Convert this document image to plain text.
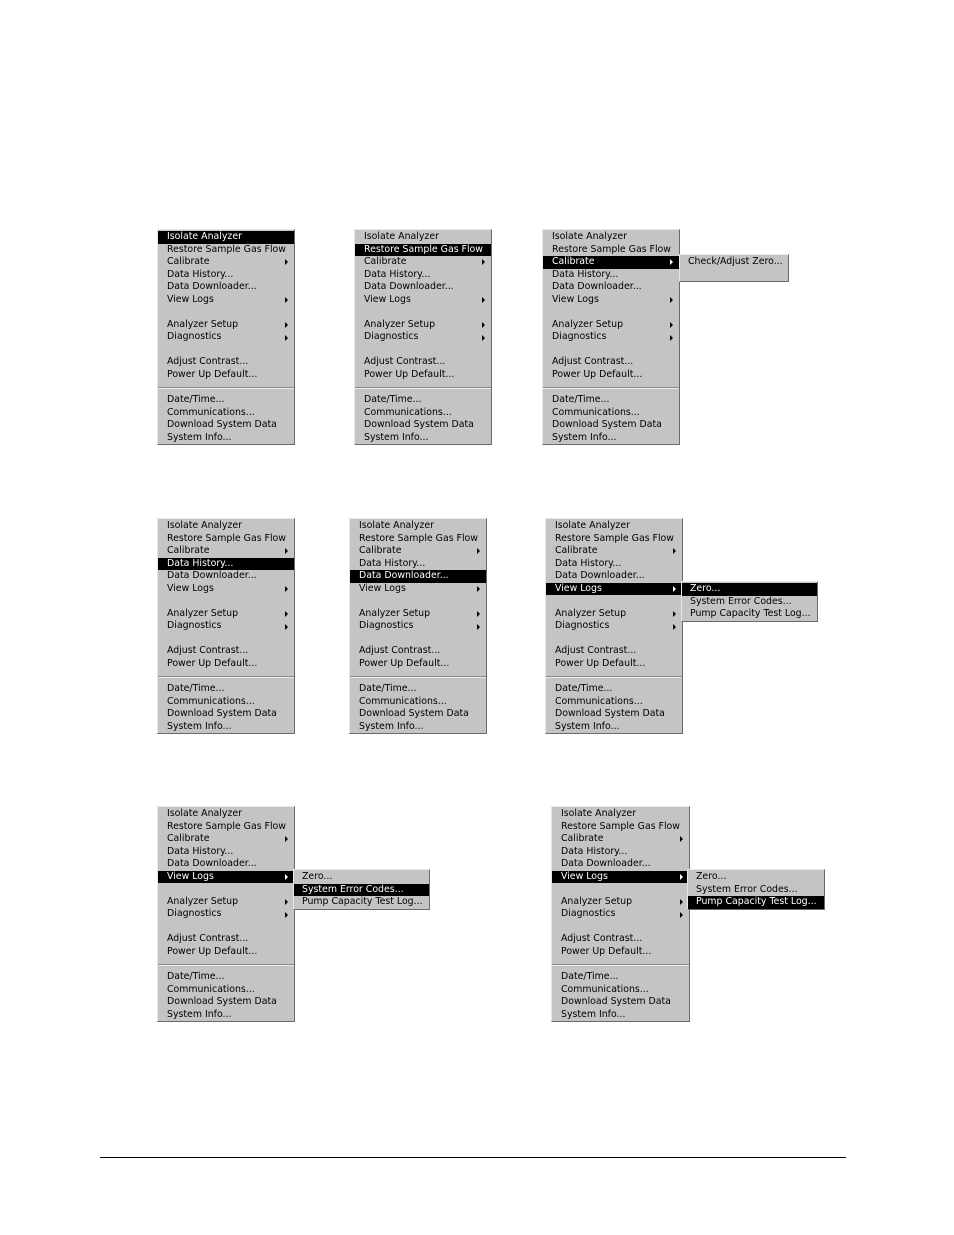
Isolate Analyzer
Restore Sample Gas Flow
Calibrate
Data History...
Data Downloader...
View Logs
Analyzer Setup
Diagnostics
Adjust Contrast...
Power Up Default...
Date/Time...
Communications...
Download System Data
System Info...
Isolate Analyzer
Restore Sample Gas Flow
Calibrate
Data History...
Data Downloader...
View Logs
Analyzer Setup
Diagnostics
Adjust Contrast...
Power Up Default...
Date/Time...
Communications...
Download System Data
System Info...
Isolate Analyzer
Restore Sample Gas Flow
Calibrate
Data History...
Data Downloader...
View Logs
Analyzer Setup
Diagnostics
Adjust Contrast...
Power Up Default...
Date/Time...
Communications...
Download System Data
System Info...
Check/Adjust Zero...
Isolate Analyzer
Restore Sample Gas Flow
Calibrate
Data History...
Data Downloader...
View Logs
Analyzer Setup
Diagnostics
Adjust Contrast...
Power Up Default...
Date/Time...
Communications...
Download System Data
System Info...
Isolate Analyzer
Restore Sample Gas Flow
Calibrate
Data History...
Data Downloader...
View Logs
Analyzer Setup
Diagnostics
Adjust Contrast...
Power Up Default...
Date/Time...
Communications...
Download System Data
System Info...
Isolate Analyzer
Restore Sample Gas Flow
Calibrate
Data History...
Data Downloader...
View Logs
Analyzer Setup
Diagnostics
Adjust Contrast...
Power Up Default...
Date/Time...
Communications...
Download System Data
System Info...
Zero...
System Error Codes...
Pump Capacity Test Log...
Isolate Analyzer
Restore Sample Gas Flow
Calibrate
Data History...
Data Downloader...
View Logs
Analyzer Setup
Diagnostics
Adjust Contrast...
Power Up Default...
Date/Time...
Communications...
Download System Data
System Info...
Zero...
System Error Codes...
Pump Capacity Test Log...
Isolate Analyzer
Restore Sample Gas Flow
Calibrate
Data History...
Data Downloader...
View Logs
Analyzer Setup
Diagnostics
Adjust Contrast...
Power Up Default...
Date/Time...
Communications...
Download System Data
System Info...
Zero...
System Error Codes...
Pump Capacity Test Log...
